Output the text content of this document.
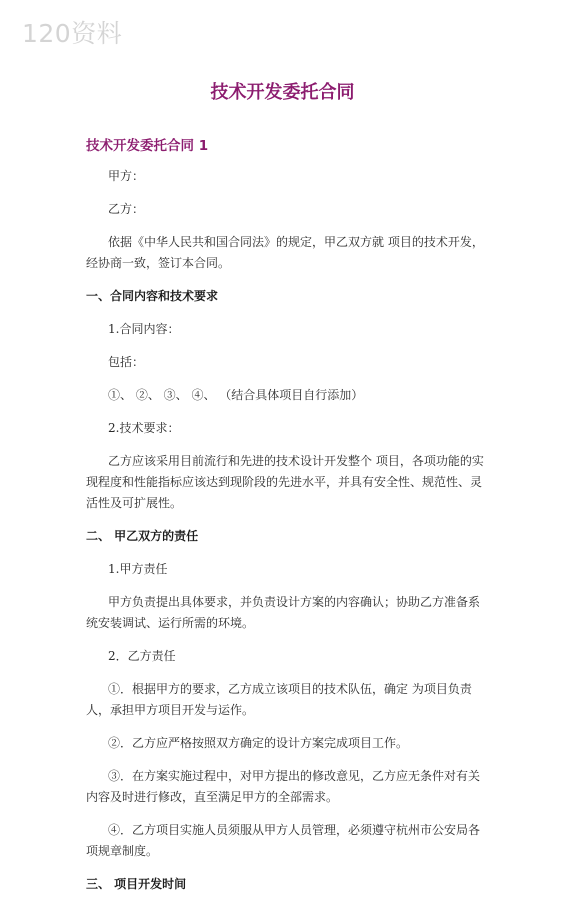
120资料
技术开发委托合同
技术开发委托合同 1

甲方：

乙方：

依据《中华人民共和国合同法》的规定，甲乙双方就 项目的技术开发，经协商一致，签订本合同。

一、合同内容和技术要求

1.合同内容：

包括：

①、 ②、 ③、 ④、 （结合具体项目自行添加）

2.技术要求：

乙方应该采用目前流行和先进的技术设计开发整个 项目，各项功能的实现程度和性能指标应该达到现阶段的先进水平，并具有安全性、规范性、灵活性及可扩展性。

二、 甲乙双方的责任

1.甲方责任

甲方负责提出具体要求，并负责设计方案的内容确认；协助乙方准备系统安装调试、运行所需的环境。

2．乙方责任

①．根据甲方的要求，乙方成立该项目的技术队伍，确定 为项目负责人，承担甲方项目开发与运作。

②．乙方应严格按照双方确定的设计方案完成项目工作。

③．在方案实施过程中，对甲方提出的修改意见，乙方应无条件对有关内容及时进行修改，直至满足甲方的全部需求。

④．乙方项目实施人员须服从甲方人员管理，必须遵守杭州市公安局各项规章制度。

三、 项目开发时间
